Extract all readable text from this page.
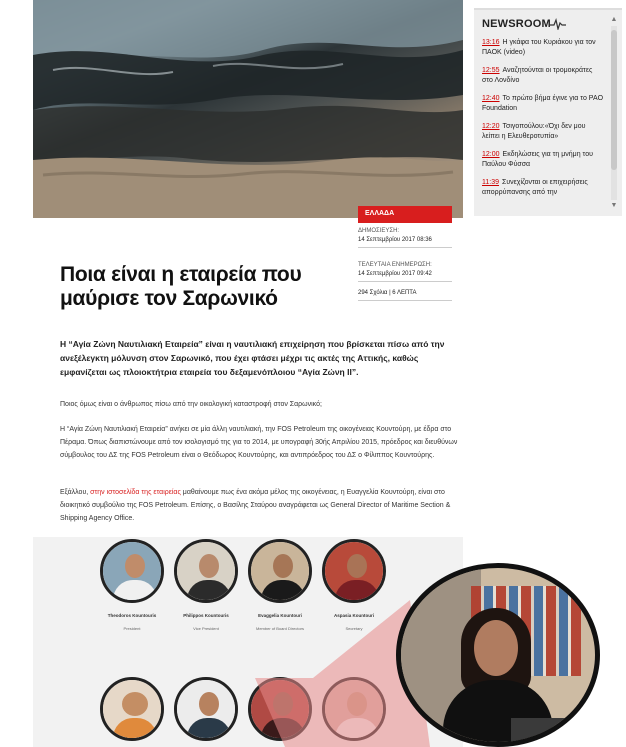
NEWSROOM
13:16 Η γκάφα του Κυριάκου για τον ΠΑΟΚ (video)
12:55 Αναζητούνται οι τρομοκράτες στο Λονδίνο
12:40 Το πρώτο βήμα έγινε για το PAO Foundation
12:20 Τσιγοπούλου:«Όχι δεν μου λείπει η Ελευθεροτυπία»
12:00 Εκδηλώσεις για τη μνήμη του Παύλου Φύσσα
11:39 Συνεχίζονται οι επιχειρήσεις απορρύπανσης από την
▲
▼
ΕΛΛΑΔΑ
ΔΗΜΟΣΙΕΥΣΗ:
14 Σεπτεμβρίου 2017 08:36
ΤΕΛΕΥΤΑΙΑ ΕΝΗΜΕΡΩΣΗ:
14 Σεπτεμβρίου 2017 09:42
294 Σχόλια | 6 ΛΕΠΤΑ
Ποια είναι η εταιρεία που μαύρισε τον Σαρωνικό

Η “Αγία Ζώνη Ναυτιλιακή Εταιρεία” είναι η ναυτιλιακή επιχείρηση που βρίσκεται πίσω από την ανεξέλεγκτη μόλυνση στον Σαρωνικό, που έχει φτάσει μέχρι τις ακτές της Αττικής, καθώς εμφανίζεται ως πλοιοκτήτρια εταιρεία του δεξαμενόπλοιου “Αγία Ζώνη ΙΙ”.

Ποιος όμως είναι ο άνθρωπος πίσω από την οικολογική καταστροφή στον Σαρωνικό;

Η “Αγία Ζώνη Ναυτιλιακή Εταιρεία” ανήκει σε μία άλλη ναυτιλιακή, την FOS Petroleum της οικογένειας Κουντούρη, με έδρα στο Πέραμα. Όπως διαπιστώνουμε από τον ισολογισμό της για το 2014, με υπογραφή 30ής Απριλίου 2015, πρόεδρος και διευθύνων σύμβουλος του ΔΣ της FOS Petroleum είναι ο Θεόδωρος Κουντούρης, και αντιπρόεδρος του ΔΣ ο Φίλιππος Κουντούρης.

Εξάλλου, στην ιστοσελίδα της εταιρείας μαθαίνουμε πως ένα ακόμα μέλος της οικογένειας, η Ευαγγελία Κουντούρη, είναι στο διοικητικό συμβούλιο της FOS Petroleum. Επίσης, ο Βασίλης Σταύρου αναγράφεται ως General Director of Maritime Section & Shipping Agency Office.

Theodoros Kountouris
President
Philippos Kountouris
Vice President
Evaggelia Kountouri
Member of Board Directors
Aspasia Kountouri
Secretary
